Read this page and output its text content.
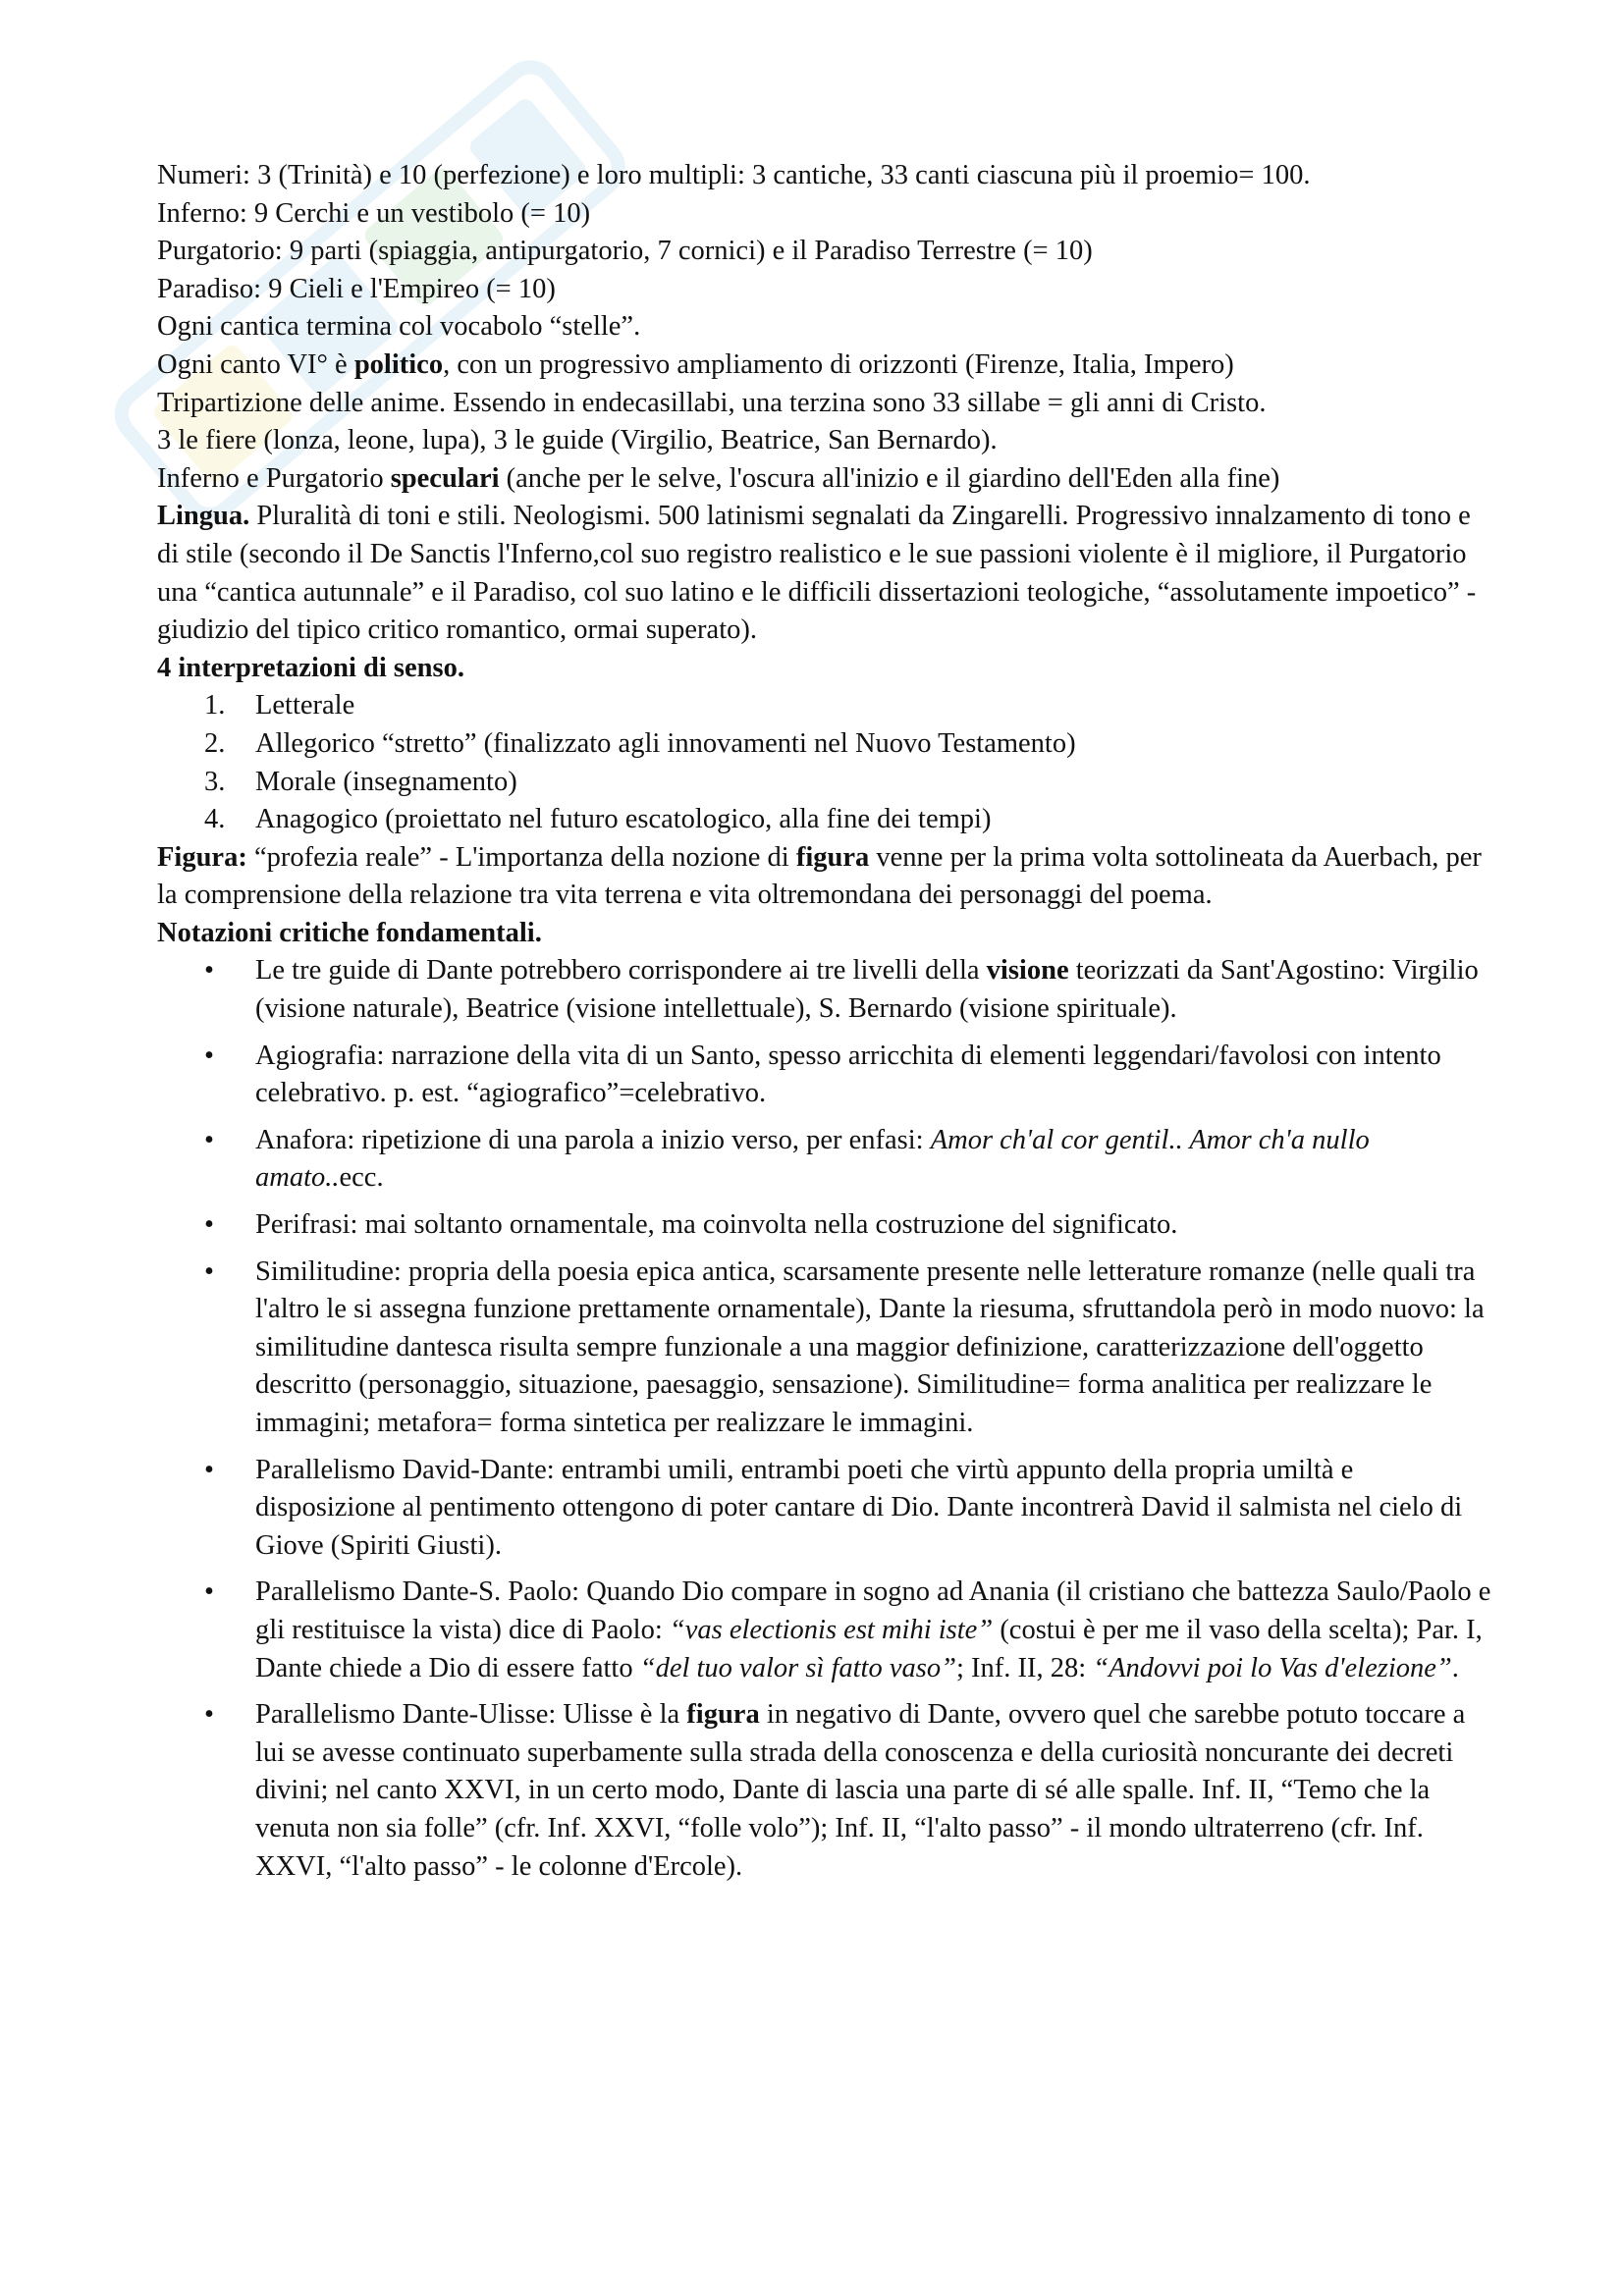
Numeri: 3 (Trinità) e 10 (perfezione) e loro multipli: 3 cantiche, 33 canti ciascuna più il proemio= 100.

Inferno: 9 Cerchi e un vestibolo (= 10)

Purgatorio: 9 parti (spiaggia, antipurgatorio, 7 cornici) e il Paradiso Terrestre (= 10)

Paradiso: 9 Cieli e l'Empireo (= 10)

Ogni cantica termina col vocabolo “stelle”.

Ogni canto VI° è politico, con un progressivo ampliamento di orizzonti (Firenze, Italia, Impero)

Tripartizione delle anime. Essendo in endecasillabi, una terzina sono 33 sillabe = gli anni di Cristo.

3 le fiere (lonza, leone, lupa), 3 le guide (Virgilio, Beatrice, San Bernardo).

Inferno e Purgatorio speculari (anche per le selve, l'oscura all'inizio e il giardino dell'Eden alla fine)

Lingua. Pluralità di toni e stili. Neologismi. 500 latinismi segnalati da Zingarelli. Progressivo innalzamento di tono e di stile (secondo il De Sanctis l'Inferno,col suo registro realistico e le sue passioni violente è il migliore, il Purgatorio una “cantica autunnale” e il Paradiso, col suo latino e le difficili dissertazioni teologiche, “assolutamente impoetico” - giudizio del tipico critico romantico, ormai superato).

4 interpretazioni di senso.

1. Letterale
2. Allegorico “stretto” (finalizzato agli innovamenti nel Nuovo Testamento)
3. Morale (insegnamento)
4. Anagogico (proiettato nel futuro escatologico, alla fine dei tempi)

Figura: “profezia reale” - L'importanza della nozione di figura venne per la prima volta sottolineata da Auerbach, per la comprensione della relazione tra vita terrena e vita oltremondana dei personaggi del poema.

Notazioni critiche fondamentali.

• Le tre guide di Dante potrebbero corrispondere ai tre livelli della visione teorizzati da Sant'Agostino: Virgilio (visione naturale), Beatrice (visione intellettuale), S. Bernardo (visione spirituale).
• Agiografia: narrazione della vita di un Santo, spesso arricchita di elementi leggendari/favolosi con intento celebrativo. p. est. “agiografico”=celebrativo.
• Anafora: ripetizione di una parola a inizio verso, per enfasi: Amor ch'al cor gentil.. Amor ch'a nullo amato..ecc.
• Perifrasi: mai soltanto ornamentale, ma coinvolta nella costruzione del significato.
• Similitudine: propria della poesia epica antica, scarsamente presente nelle letterature romanze (nelle quali tra l'altro le si assegna funzione prettamente ornamentale), Dante la riesuma, sfruttandola però in modo nuovo: la similitudine dantesca risulta sempre funzionale a una maggior definizione, caratterizzazione dell'oggetto descritto (personaggio, situazione, paesaggio, sensazione). Similitudine= forma analitica per realizzare le immagini; metafora= forma sintetica per realizzare le immagini.
• Parallelismo David-Dante: entrambi umili, entrambi poeti che virtù appunto della propria umiltà e disposizione al pentimento ottengono di poter cantare di Dio. Dante incontrerà David il salmista nel cielo di Giove (Spiriti Giusti).
• Parallelismo Dante-S. Paolo: Quando Dio compare in sogno ad Anania (il cristiano che battezza Saulo/Paolo e gli restituisce la vista) dice di Paolo: “vas electionis est mihi iste” (costui è per me il vaso della scelta); Par. I, Dante chiede a Dio di essere fatto “del tuo valor sì fatto vaso”; Inf. II, 28: “Andovvi poi lo Vas d'elezione”.
• Parallelismo Dante-Ulisse: Ulisse è la figura in negativo di Dante, ovvero quel che sarebbe potuto toccare a lui se avesse continuato superbamente sulla strada della conoscenza e della curiosità noncurante dei decreti divini; nel canto XXVI, in un certo modo, Dante di lascia una parte di sé alle spalle. Inf. II, “Temo che la venuta non sia folle” (cfr. Inf. XXVI, “folle volo”); Inf. II, “l'alto passo” - il mondo ultraterreno (cfr. Inf. XXVI, “l'alto passo” - le colonne d'Ercole).
